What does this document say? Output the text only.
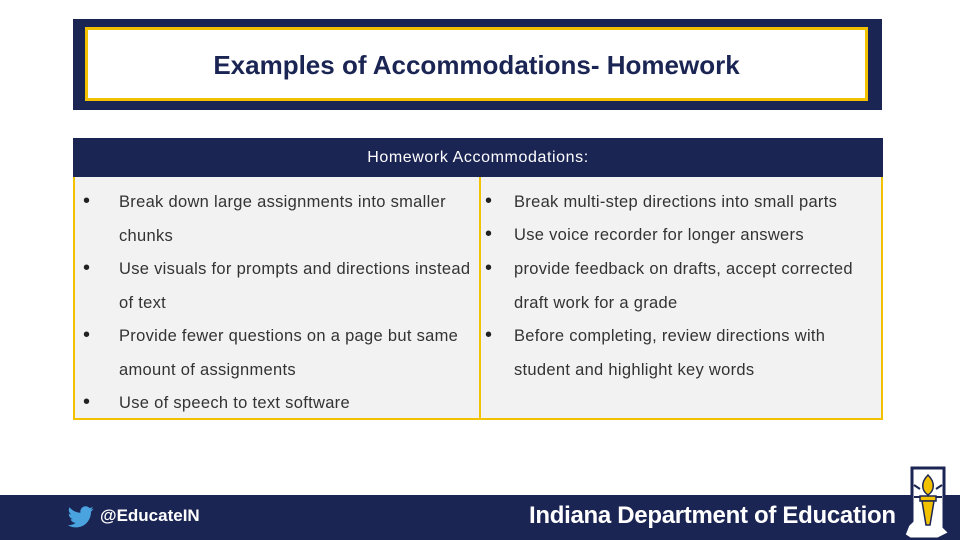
Examples of Accommodations- Homework
Homework Accommodations:
• Break down large assignments into smaller chunks
• Use visuals for prompts and directions instead of text
• Provide fewer questions on a page but same amount of assignments
• Use of speech to text software
• Break multi-step directions into small parts
• Use voice recorder for longer answers
• provide feedback on drafts, accept corrected draft work for a grade
• Before completing, review directions with student and highlight key words
@EducateIN	Indiana Department of Education
